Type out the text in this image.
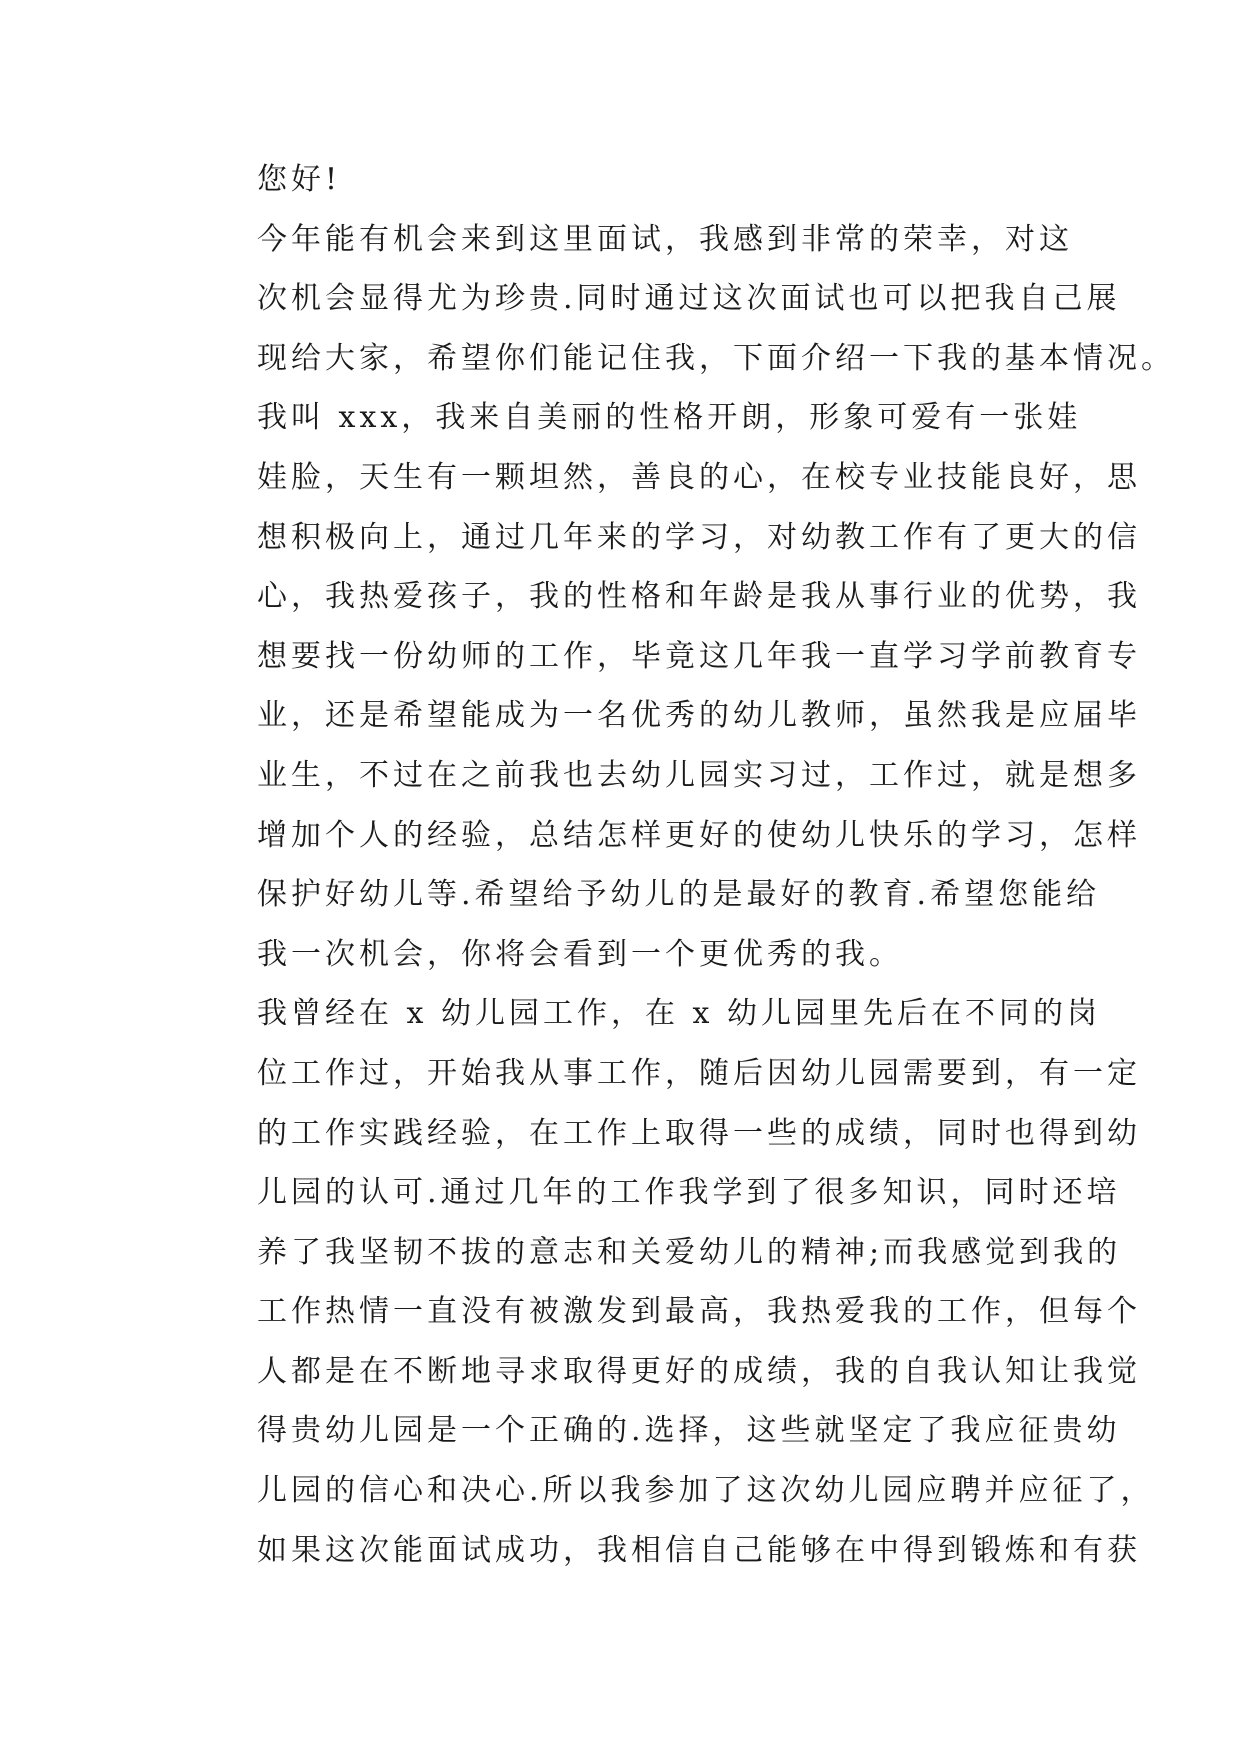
您好!

今年能有机会来到这里面试，我感到非常的荣幸，对这
次机会显得尤为珍贵.同时通过这次面试也可以把我自己展
现给大家，希望你们能记住我，下面介绍一下我的基本情况。

我叫 xxx，我来自美丽的性格开朗，形象可爱有一张娃
娃脸，天生有一颗坦然，善良的心，在校专业技能良好，思
想积极向上，通过几年来的学习，对幼教工作有了更大的信
心，我热爱孩子，我的性格和年龄是我从事行业的优势，我
想要找一份幼师的工作，毕竟这几年我一直学习学前教育专
业，还是希望能成为一名优秀的幼儿教师，虽然我是应届毕
业生，不过在之前我也去幼儿园实习过，工作过，就是想多
增加个人的经验，总结怎样更好的使幼儿快乐的学习，怎样
保护好幼儿等.希望给予幼儿的是最好的教育.希望您能给
我一次机会，你将会看到一个更优秀的我。

我曾经在 x 幼儿园工作，在 x 幼儿园里先后在不同的岗
位工作过，开始我从事工作，随后因幼儿园需要到，有一定
的工作实践经验，在工作上取得一些的成绩，同时也得到幼
儿园的认可.通过几年的工作我学到了很多知识，同时还培
养了我坚韧不拔的意志和关爱幼儿的精神;而我感觉到我的
工作热情一直没有被激发到最高，我热爱我的工作，但每个
人都是在不断地寻求取得更好的成绩，我的自我认知让我觉
得贵幼儿园是一个正确的.选择，这些就坚定了我应征贵幼
儿园的信心和决心.所以我参加了这次幼儿园应聘并应征了，
如果这次能面试成功，我相信自己能够在中得到锻炼和有获
